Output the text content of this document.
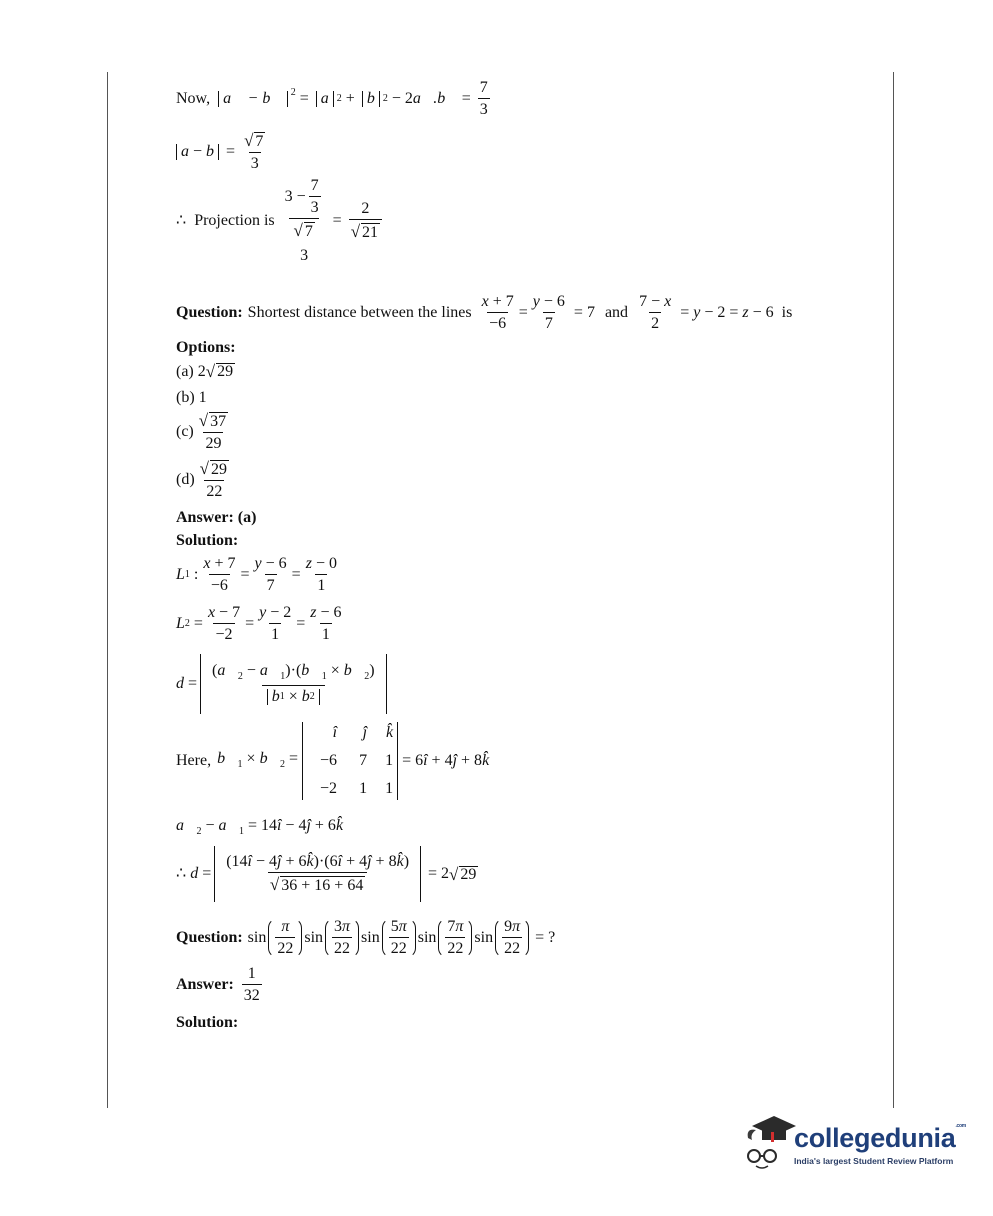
Now, a⃗ − b⃗ $^2$ = a 2 + b 2 − 2a⃗.b⃗ = $\frac{7}{3}$
$a - b = \frac{√ 7}{3}$
∴ Projection is 3 −
7
3
√ 7
$3 = \frac{2}{√ 21}$
Question: Shortest distance between the lines $\frac{x + 7}{-6} = \frac{y - 6}{7} = 7$ and $\frac{7 - x}{2} = y - 2 = z - 6$ is
Options:
(a) 2 √ 29
(b) 1
(c)
√ 37
29
(d)
√ 29
22
Answer: (a)
Solution:
L 1 :
x + 7
−6
=
y − 6
7
=
z − 0
1
L 2 =
x − 7
−2
=
y − 2
1
=
z − 6
1
d =
($a⃗_2$ − $a⃗_1)\cdot(b⃗_1$ × $b⃗_2$)
b 1 × b 2
Here, $b⃗_1$ × $b⃗_2$ =
î	ĵ	k̂
−6	7	1
−2	1	1
= 6î + 4ĵ + 8k̂
$a⃗_2$ − $a⃗_1$ = 14î − 4ĵ + 6k̂
∴ d =
(14î − 4ĵ + 6k̂)·(6î + 4ĵ + 8k̂)
√ 36 + 16 + 64
= 2 √ 29
Question: sin
π
22
sin
3π
22
sin
5π
22
sin
7π
22
sin
9π
22
= ?
Answer: $\frac{1}{32}$
Solution:
collegedunia$^{.com}$
India's largest Student Review Platform
